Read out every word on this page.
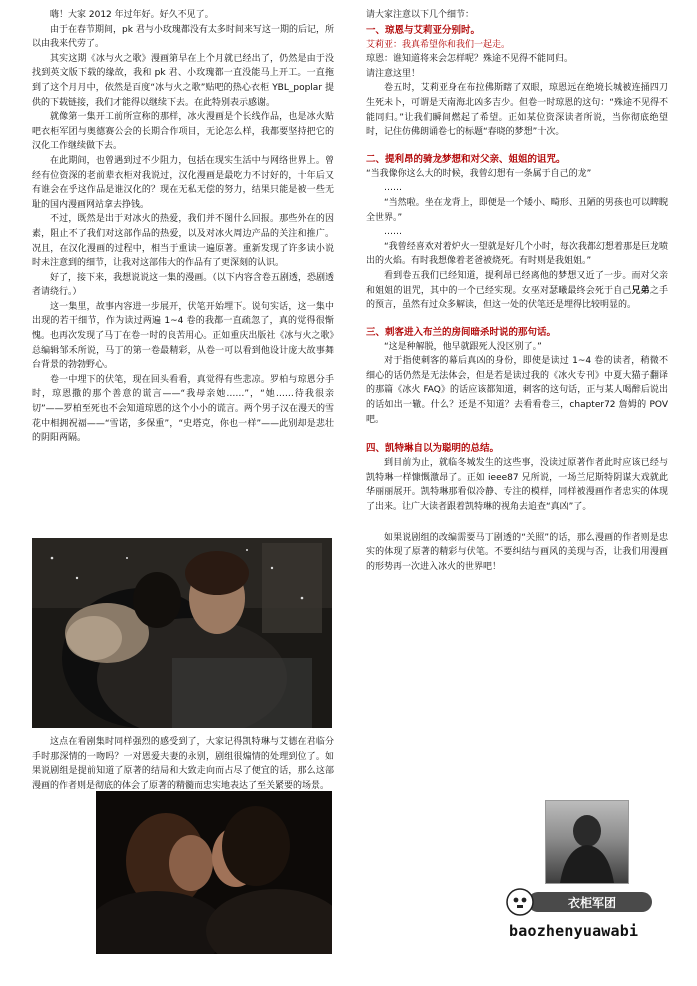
嗨！大家 2012 年过年好。好久不见了。

由于在春节期间，pk 君与小玫瑰都没有太多时间来写这一期的后记，所以由我来代劳了。

其实这期《冰与火之歌》漫画第早在上个月就已经出了，仍然是由于没找到英文版下载的缘故，我和 pk 君、小玫瑰都一直没能马上开工。一直拖到了这个月月中，依然是百度“冰与火之歌”贴吧的热心衣柜 YBL_poplar 提供的下载链接，我们才能得以继续下去。在此特别表示感谢。

就像第一集开工前所宣称的那样，冰火漫画是个长线作品，也是冰火贴吧衣柜军团与奥德赛公会的长期合作项目，无论怎么样，我都要坚持把它的汉化工作继续做下去。

在此期间，也曾遇到过不少阻力，包括在现实生活中与网络世界上。曾经有位资深的老前辈衣柜对我说过，汉化漫画是最吃力不讨好的，十年后又有谁会在乎这作品是谁汉化的？现在无私无偿的努力，结果只能是被一些无耻的国内漫画网站拿去挣钱。

不过，既然是出于对冰火的热爱，我们并不图什么回报。那些外在的因素，阻止不了我们对这部作品的热爱，以及对冰火周边产品的关注和推广。况且，在汉化漫画的过程中，相当于重读一遍原著。重新发现了许多读小说时未注意到的细节，让我对这部伟大的作品有了更深刻的认识。

好了，接下来，我想说说这一集的漫画。（以下内容含卷五剧透，恐剧透者请绕行。）

这一集里，故事内容进一步展开，伏笔开始埋下。说句实话，这一集中出现的若干细节，作为读过两遍 1~4 卷的我都一直疏忽了，真的觉得很惭愧。也再次发现了马丁在卷一时的良苦用心。正如重庆出版社《冰与火之歌》总编辑邹禾所说，马丁的第一卷最精彩，从卷一可以看到他设计庞大故事舞台背景的勃勃野心。

卷一中埋下的伏笔，现在回头看看，真觉得有些悲凉。罗柏与琼恩分手时，琼恩撒的那个善意的谎言——“我母亲她……”，“她……待我很亲切”——罗柏至死也不会知道琼恩的这个小小的谎言。两个男子汉在漫天的雪花中相拥祝福——“雪诺，多保重”，“史塔克，你也一样”——此别却是悲壮的阴阳两隔。

这点在看剧集时同样强烈的感受到了，大家记得凯特琳与艾德在君临分手时那深情的一吻吗？一对恩爱夫妻的永别，剧组很煽情的处理到位了。如果说剧组是提前知道了原著的结局和大致走向而占尽了便宜的话，那么这部漫画的作者则是彻底的体会了原著的精髓而忠实地表达了至关紧要的场景。

请大家注意以下几个细节：

一、琼恩与艾莉亚分别时。

艾莉亚：我真希望你和我们一起走。

琼恩：谁知道将来会怎样呢？殊途不见得不能同归。

请注意这里！

卷五时，艾莉亚身在布拉佛斯瞎了双眼，琼恩远在绝境长城被连捅四刀生死未卜，可谓是天南海北凶多吉少。但卷一时琼恩的这句：“殊途不见得不能同归。”让我们瞬间燃起了希望。正如某位资深读者所说，当你彻底绝望时，记住仿佛朗诵卷七的标题“春晓的梦想”十次。

二、提利昂的骑龙梦想和对父亲、姐姐的诅咒。

“当我像你这么大的时候，我曾幻想有一条属于自己的龙”

……

“当然啦。坐在龙背上，即便是一个矮小、畸形、丑陋的男孩也可以睥睨全世界。”

……

“我曾经喜欢对着炉火一望就是好几个小时，每次我都幻想着那是巨龙喷出的火焰。有时我想像着老爸被烧死。有时则是我姐姐。”

看到卷五我们已经知道，提利昂已经离他的梦想又近了一步。而对父亲和姐姐的诅咒，其中的一个已经实现。女巫对瑟曦最终会死于自己兄弟之手的预言，虽然有过众多解读，但这一处的伏笔还是埋得比较明显的。

三、刺客进入布兰的房间暗杀时说的那句话。

“这是种解脱，他早就跟死人没区别了。”

对于指使刺客的幕后真凶的身份，即使是读过 1~4 卷的读者，稍微不细心的话仍然是无法体会，但是若是读过我的《冰火专刊》中夏大猫子翻译的那篇《冰火 FAQ》的话应该都知道，刺客的这句话，正与某人喝醉后说出的话如出一辙。什么？还是不知道？去看看卷三，chapter72 詹姆的 POV 吧。

四、凯特琳自以为聪明的总结。

到目前为止，就临冬城发生的这些事，没读过原著作者此时应该已经与凯特琳一样慷慨激昂了。正如 ieee87 兄所说，一场兰尼斯特阴谋大戏就此华丽丽展开。凯特琳那看似冷静、专注的模样，同样被漫画作者忠实的体现了出来。让广大读者跟着凯特琳的视角去追查“真凶”了。

如果说剧组的改编需要马丁剧透的“关照”的话，那么漫画的作者则是忠实的体现了原著的精彩与伏笔。不要纠结与画风的美现与否，让我们用漫画的形势再一次进入冰火的世界吧！

衣柜军团
baozhenyuawabi
